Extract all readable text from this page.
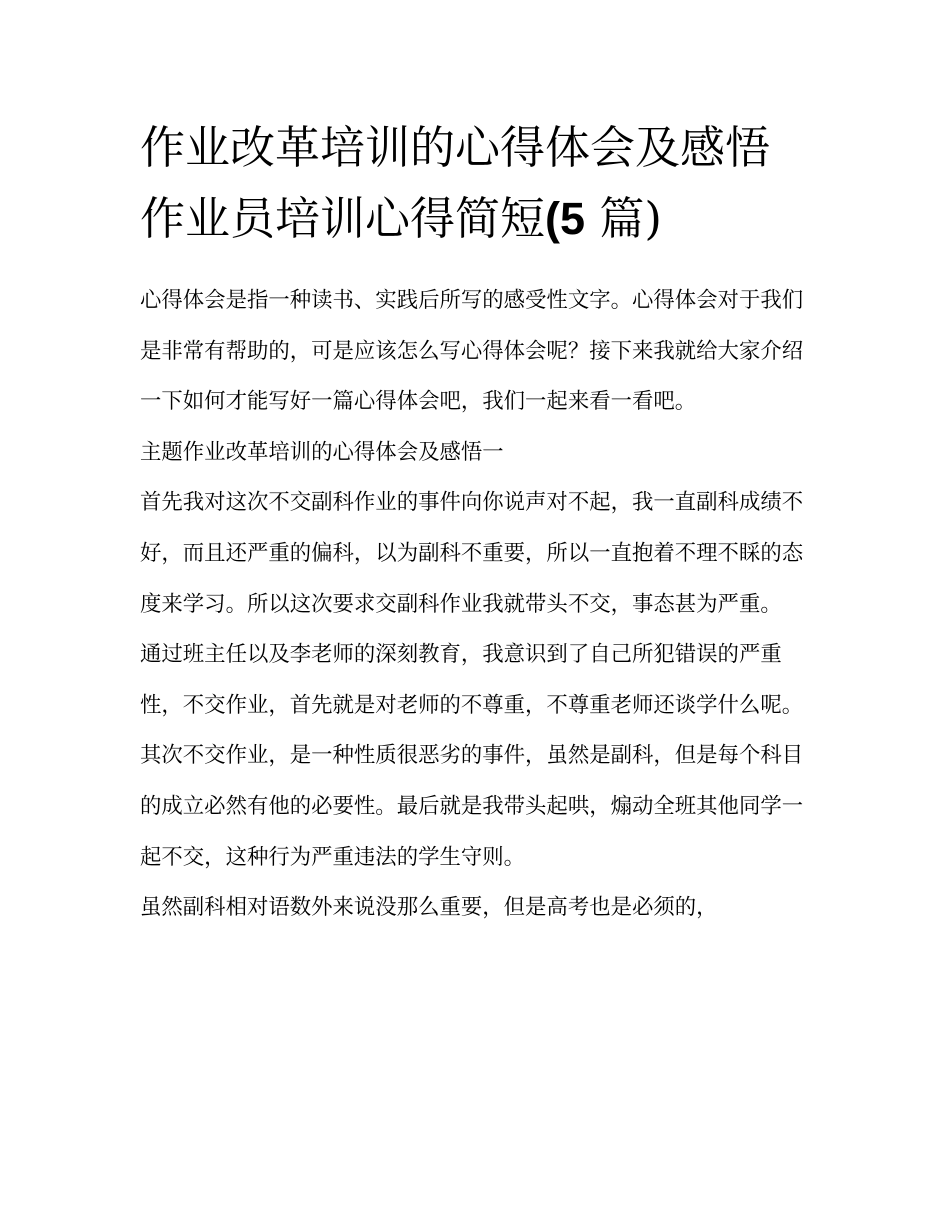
作业改革培训的心得体会及感悟 作业员培训心得简短(5 篇)

心得体会是指一种读书、实践后所写的感受性文字。心得体会对于我们是非常有帮助的，可是应该怎么写心得体会呢？接下来我就给大家介绍一下如何才能写好一篇心得体会吧，我们一起来看一看吧。

主题作业改革培训的心得体会及感悟一

首先我对这次不交副科作业的事件向你说声对不起，我一直副科成绩不好，而且还严重的偏科，以为副科不重要，所以一直抱着不理不睬的态度来学习。所以这次要求交副科作业我就带头不交，事态甚为严重。

通过班主任以及李老师的深刻教育，我意识到了自己所犯错误的严重性，不交作业，首先就是对老师的不尊重，不尊重老师还谈学什么呢。其次不交作业，是一种性质很恶劣的事件，虽然是副科，但是每个科目的成立必然有他的必要性。最后就是我带头起哄，煽动全班其他同学一起不交，这种行为严重违法的学生守则。

虽然副科相对语数外来说没那么重要，但是高考也是必须的，
